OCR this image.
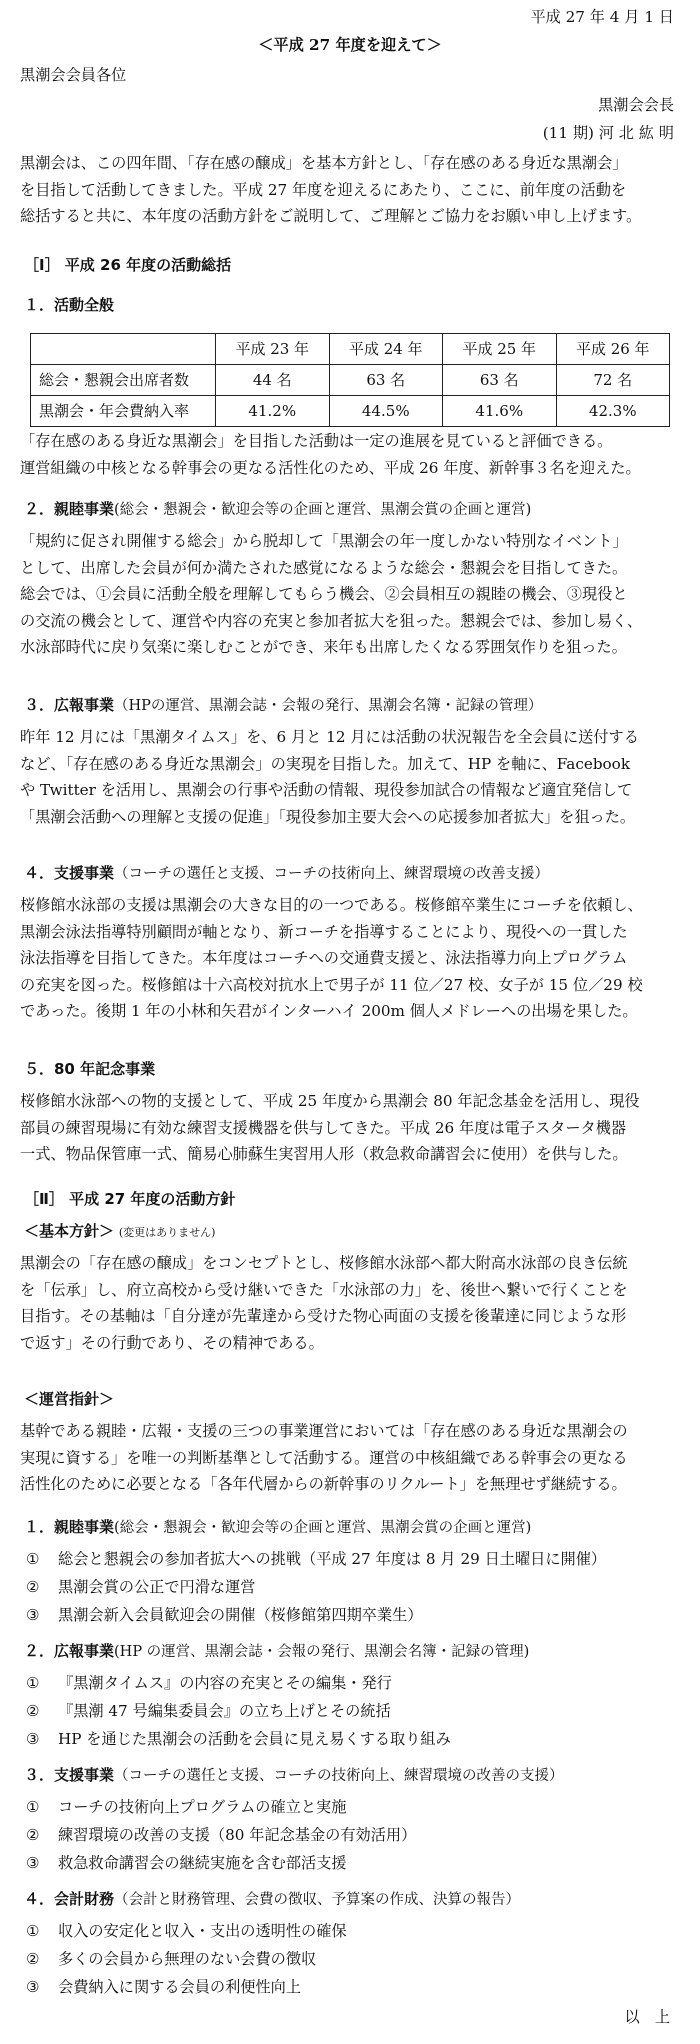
平成 27 年 4 月 1 日
＜平成 27 年度を迎えて＞
黒潮会会員各位
黒潮会会長
(11 期) 河 北 紘 明
黒潮会は、この四年間、「存在感の醸成」を基本方針とし、「存在感のある身近な黒潮会」
を目指して活動してきました。平成 27 年度を迎えるにあたり、ここに、前年度の活動を
総括すると共に、本年度の活動方針をご説明して、ご理解とご協力をお願い申し上げます。
［Ⅰ］ 平成 26 年度の活動総括
１．活動全般
	平成 23 年	平成 24 年	平成 25 年	平成 26 年
総会・懇親会出席者数	44 名	63 名	63 名	72 名
黒潮会・年会費納入率	41.2%	44.5%	41.6%	42.3%
「存在感のある身近な黒潮会」を目指した活動は一定の進展を見ていると評価できる。
運営組織の中核となる幹事会の更なる活性化のため、平成 26 年度、新幹事３名を迎えた。
２．親睦事業(総会・懇親会・歓迎会等の企画と運営、黒潮会賞の企画と運営)
「規約に促され開催する総会」から脱却して「黒潮会の年一度しかない特別なイベント」
として、出席した会員が何か満たされた感覚になるような総会・懇親会を目指してきた。
総会では、①会員に活動全般を理解してもらう機会、②会員相互の親睦の機会、③現役と
の交流の機会として、運営や内容の充実と参加者拡大を狙った。懇親会では、参加し易く、
水泳部時代に戻り気楽に楽しむことができ、来年も出席したくなる雰囲気作りを狙った。
３．広報事業（HPの運営、黒潮会誌・会報の発行、黒潮会名簿・記録の管理）
昨年 12 月には「黒潮タイムス」を、6 月と 12 月には活動の状況報告を全会員に送付する
など、「存在感のある身近な黒潮会」の実現を目指した。加えて、HP を軸に、Facebook
や Twitter を活用し、黒潮会の行事や活動の情報、現役参加試合の情報など適宜発信して
「黒潮会活動への理解と支援の促進」「現役参加主要大会への応援参加者拡大」を狙った。
４．支援事業（コーチの選任と支援、コーチの技術向上、練習環境の改善支援）
桜修館水泳部の支援は黒潮会の大きな目的の一つである。桜修館卒業生にコーチを依頼し、
黒潮会泳法指導特別顧問が軸となり、新コーチを指導することにより、現役への一貫した
泳法指導を目指してきた。本年度はコーチへの交通費支援と、泳法指導力向上プログラム
の充実を図った。桜修館は十六高校対抗水上で男子が 11 位／27 校、女子が 15 位／29 校
であった。後期 1 年の小林和矢君がインターハイ 200m 個人メドレーへの出場を果した。
５．80 年記念事業
桜修館水泳部への物的支援として、平成 25 年度から黒潮会 80 年記念基金を活用し、現役
部員の練習現場に有効な練習支援機器を供与してきた。平成 26 年度は電子スタータ機器
一式、物品保管庫一式、簡易心肺蘇生実習用人形（救急救命講習会に使用）を供与した。
［Ⅱ］ 平成 27 年度の活動方針
＜基本方針＞ (変更はありません)
黒潮会の「存在感の醸成」をコンセプトとし、桜修館水泳部へ都大附高水泳部の良き伝統
を「伝承」し、府立高校から受け継いできた「水泳部の力」を、後世へ繋いで行くことを
目指す。その基軸は「自分達が先輩達から受けた物心両面の支援を後輩達に同じような形
で返す」その行動であり、その精神である。
＜運営指針＞
基幹である親睦・広報・支援の三つの事業運営においては「存在感のある身近な黒潮会の
実現に資する」を唯一の判断基準として活動する。運営の中核組織である幹事会の更なる
活性化のために必要となる「各年代層からの新幹事のリクルート」を無理せず継続する。
１．親睦事業(総会・懇親会・歓迎会等の企画と運営、黒潮会賞の企画と運営)
① 総会と懇親会の参加者拡大への挑戦（平成 27 年度は 8 月 29 日土曜日に開催）
② 黒潮会賞の公正で円滑な運営
③ 黒潮会新入会員歓迎会の開催（桜修館第四期卒業生）
２．広報事業(HP の運営、黒潮会誌・会報の発行、黒潮会名簿・記録の管理)
① 『黒潮タイムス』の内容の充実とその編集・発行
② 『黒潮 47 号編集委員会』の立ち上げとその統括
③ HP を通じた黒潮会の活動を会員に見え易くする取り組み
３．支援事業（コーチの選任と支援、コーチの技術向上、練習環境の改善の支援）
① コーチの技術向上プログラムの確立と実施
② 練習環境の改善の支援（80 年記念基金の有効活用）
③ 救急救命講習会の継続実施を含む部活支援
４．会計財務（会計と財務管理、会費の徴収、予算案の作成、決算の報告）
① 収入の安定化と収入・支出の透明性の確保
② 多くの会員から無理のない会費の徴収
③ 会費納入に関する会員の利便性向上
以　上
